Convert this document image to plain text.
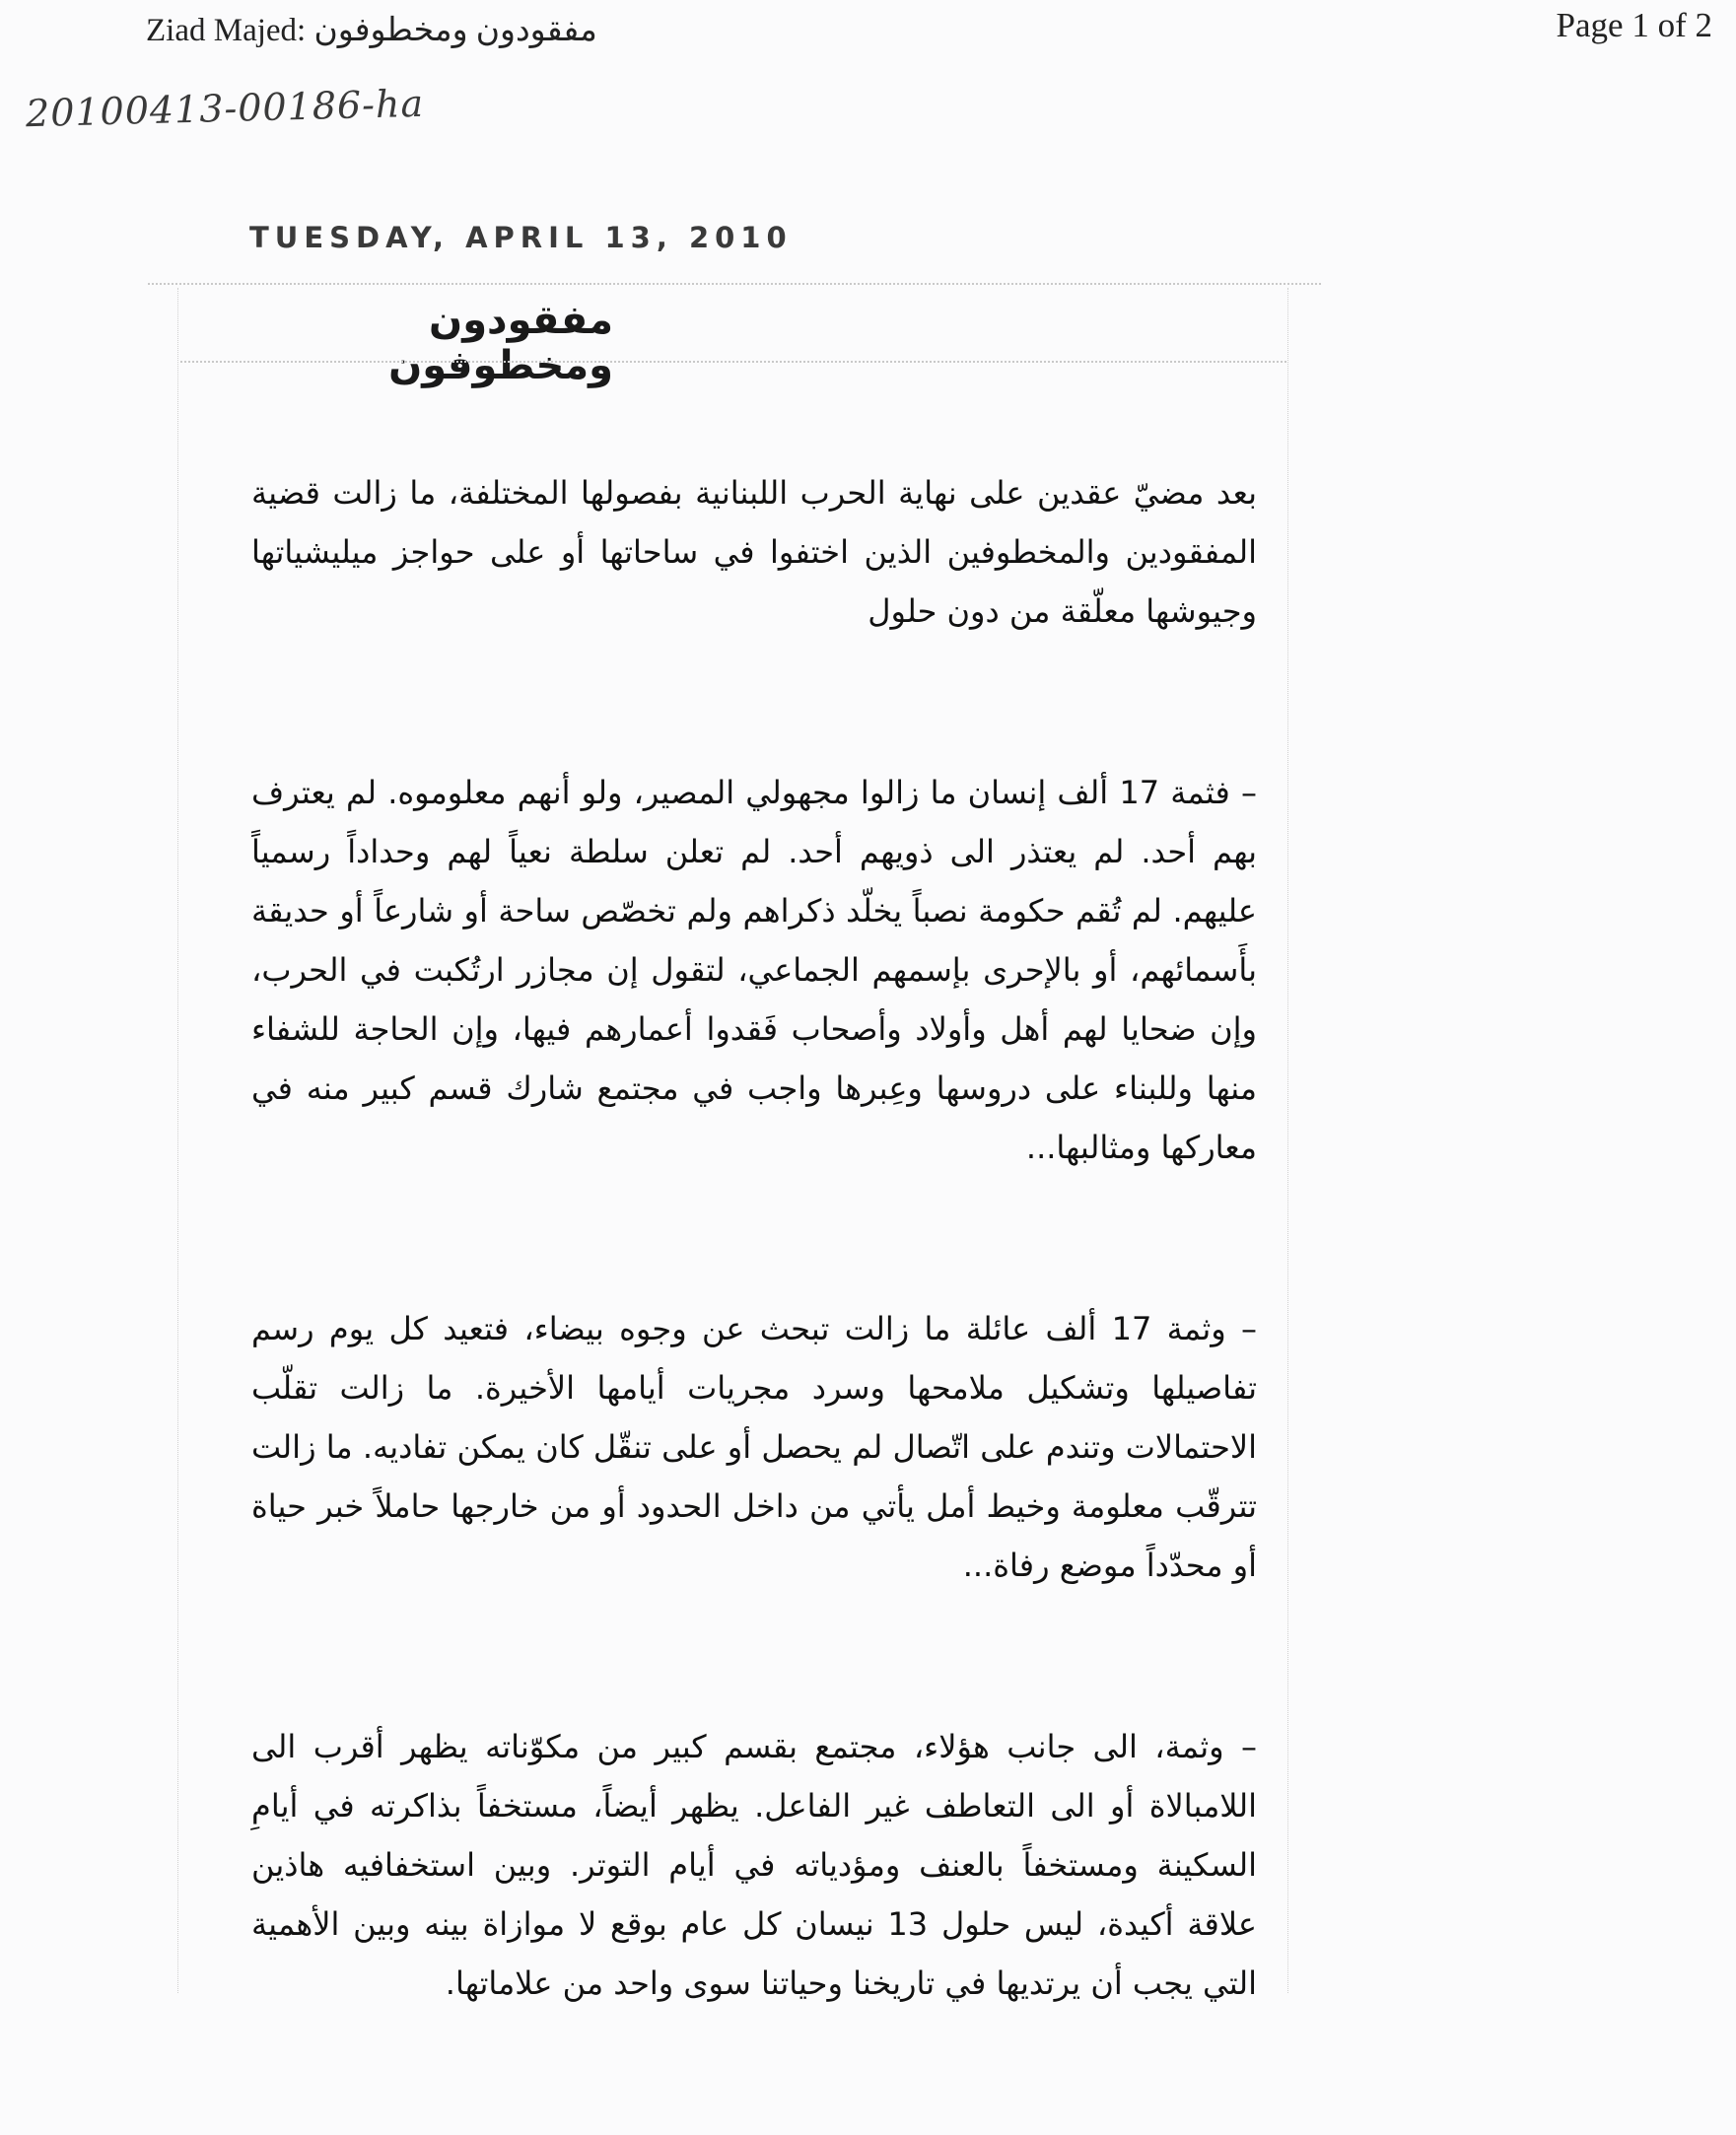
Ziad Majed: مفقودون ومخطوفون	Page 1 of 2
20100413-00186-ha
TUESDAY, APRIL 13, 2010
مفقودون ومخطوفون

بعد مضيّ عقدين على نهاية الحرب اللبنانية بفصولها المختلفة، ما زالت قضية المفقودين والمخطوفين الذين اختفوا في ساحاتها أو على حواجز ميليشياتها وجيوشها معلّقة من دون حلول

– فثمة 17 ألف إنسان ما زالوا مجهولي المصير، ولو أنهم معلوموه. لم يعترف بهم أحد. لم يعتذر الى ذويهم أحد. لم تعلن سلطة نعياً لهم وحداداً رسمياً عليهم. لم تُقم حكومة نصباً يخلّد ذكراهم ولم تخصّص ساحة أو شارعاً أو حديقة بأَسمائهم، أو بالإحرى بإسمهم الجماعي، لتقول إن مجازر ارتُكبت في الحرب، وإن ضحايا لهم أهل وأولاد وأصحاب فَقدوا أعمارهم فيها، وإن الحاجة للشفاء منها وللبناء على دروسها وعِبرها واجب في مجتمع شارك قسم كبير منه في معاركها ومثالبها...

– وثمة 17 ألف عائلة ما زالت تبحث عن وجوه بيضاء، فتعيد كل يوم رسم تفاصيلها وتشكيل ملامحها وسرد مجريات أيامها الأخيرة. ما زالت تقلّب الاحتمالات وتندم على اتّصال لم يحصل أو على تنقّل كان يمكن تفاديه. ما زالت تترقّب معلومة وخيط أمل يأتي من داخل الحدود أو من خارجها حاملاً خبر حياة أو محدّداً موضع رفاة...

– وثمة، الى جانب هؤلاء، مجتمع بقسم كبير من مكوّناته يظهر أقرب الى اللامبالاة أو الى التعاطف غير الفاعل. يظهر أيضاً، مستخفاً بذاكرته في أيامِ السكينة ومستخفاً بالعنف ومؤدياته في أيام التوتر. وبين استخفافيه هاذين علاقة أكيدة، ليس حلول 13 نيسان كل عام بوقع لا موازاة بينه وبين الأهمية التي يجب أن يرتديها في تاريخنا وحياتنا سوى واحد من علاماتها.
